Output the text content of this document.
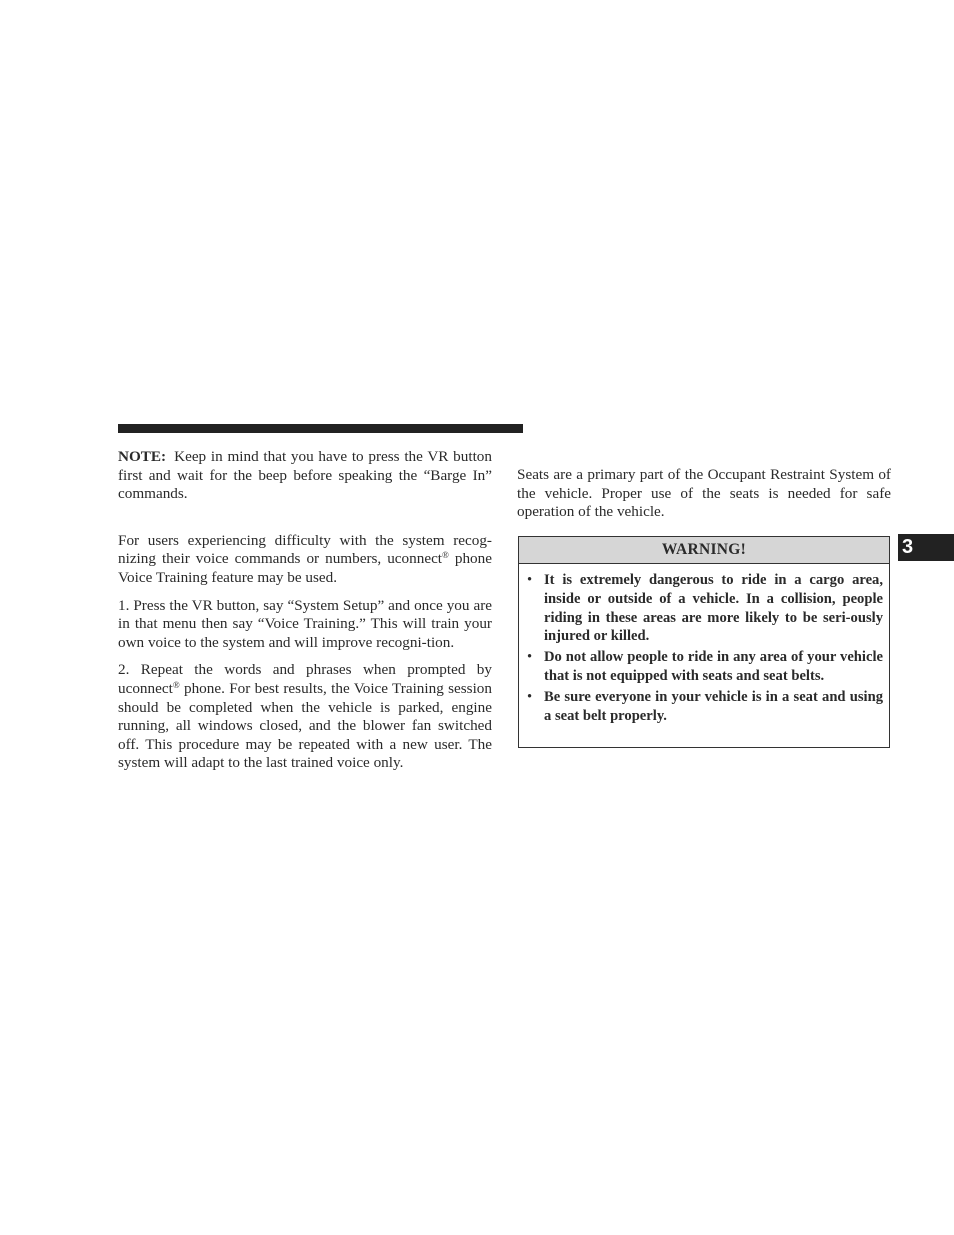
NOTE: Keep in mind that you have to press the VR button first and wait for the beep before speaking the “Barge In” commands.

For users experiencing difficulty with the system recog-nizing their voice commands or numbers, uconnect® phone Voice Training feature may be used.

1. Press the VR button, say “System Setup” and once you are in that menu then say “Voice Training.” This will train your own voice to the system and will improve recogni-tion.

2. Repeat the words and phrases when prompted by uconnect® phone. For best results, the Voice Training session should be completed when the vehicle is parked, engine running, all windows closed, and the blower fan switched off. This procedure may be repeated with a new user. The system will adapt to the last trained voice only.

Seats are a primary part of the Occupant Restraint System of the vehicle. Proper use of the seats is needed for safe operation of the vehicle.

WARNING!
• It is extremely dangerous to ride in a cargo area, inside or outside of a vehicle. In a collision, people riding in these areas are more likely to be seri-ously injured or killed.
• Do not allow people to ride in any area of your vehicle that is not equipped with seats and seat belts.
• Be sure everyone in your vehicle is in a seat and using a seat belt properly.
3
